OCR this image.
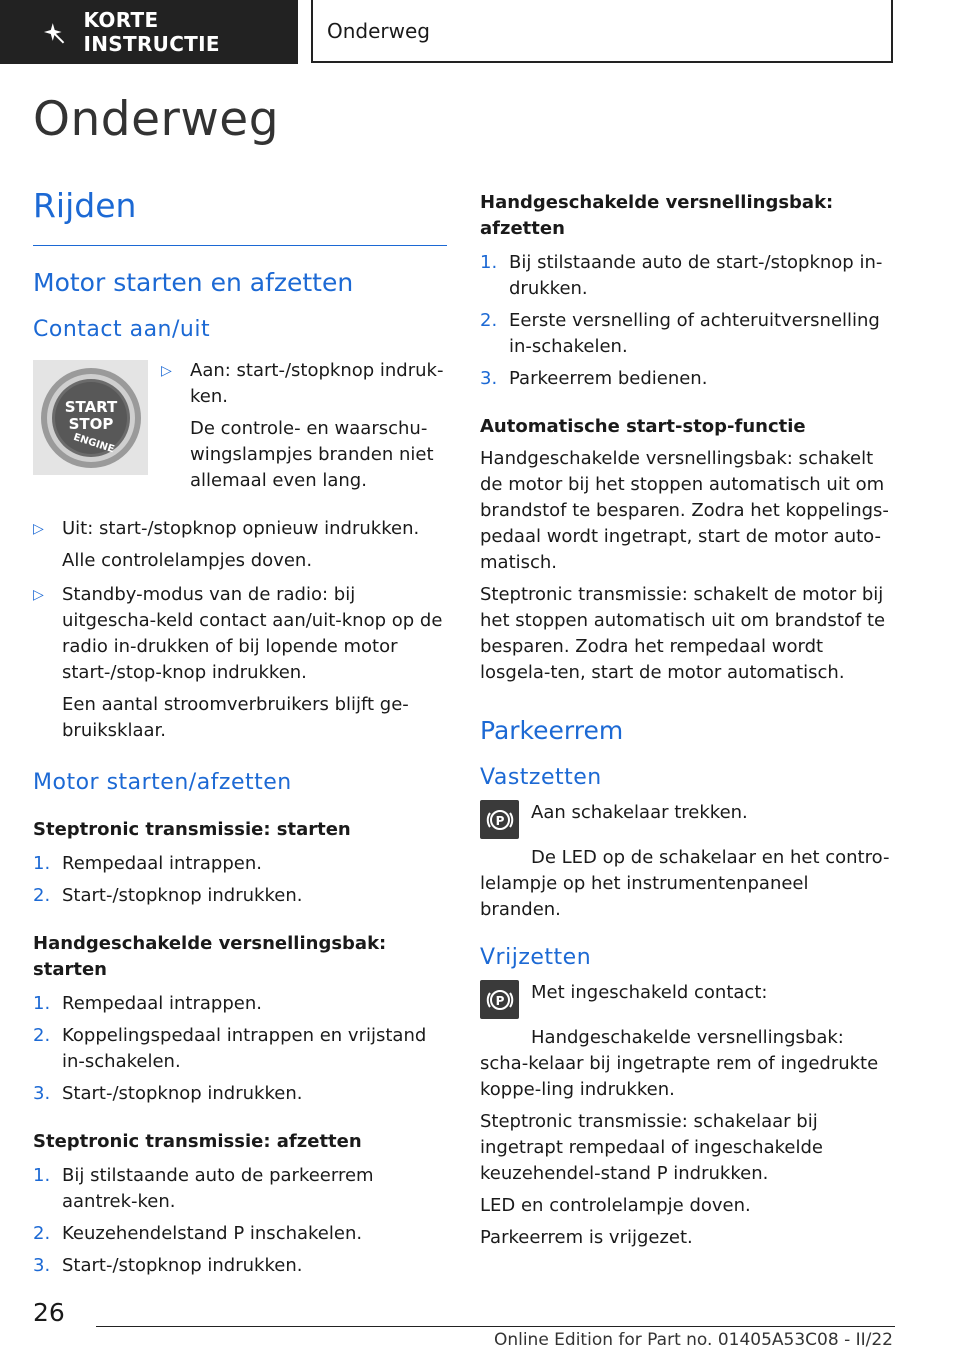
KORTE INSTRUCTIE
Onderweg
Onderweg
Rijden
Motor starten en afzetten
Contact aan/uit
START
STOP
ENGINE
▷	Aan: start-/stopknop indruk-ken.

De controle- en waarschu-wingslampjes branden niet allemaal even lang.

▷	Uit: start-/stopknop opnieuw indrukken.

Alle controlelampjes doven.

▷	Standby-modus van de radio: bij uitgescha-keld contact aan/uit-knop op de radio in-drukken of bij lopende motor start-/stop-knop indrukken.

Een aantal stroomverbruikers blijft ge-bruiksklaar.

Motor starten/afzetten

Steptronic transmissie: starten

1. Rempedaal intrappen.
2. Start-/stopknop indrukken.

Handgeschakelde versnellingsbak: starten

1. Rempedaal intrappen.
2. Koppelingspedaal intrappen en vrijstand in-schakelen.
3. Start-/stopknop indrukken.

Steptronic transmissie: afzetten

1. Bij stilstaande auto de parkeerrem aantrek-ken.
2. Keuzehendelstand P inschakelen.
3. Start-/stopknop indrukken.

Handgeschakelde versnellingsbak: afzetten

1. Bij stilstaande auto de start-/stopknop in-drukken.
2. Eerste versnelling of achteruitversnelling in-schakelen.
3. Parkeerrem bedienen.

Automatische start-stop-functie

Handgeschakelde versnellingsbak: schakelt de motor bij het stoppen automatisch uit om brandstof te besparen. Zodra het koppelings-pedaal wordt ingetrapt, start de motor auto-matisch.

Steptronic transmissie: schakelt de motor bij het stoppen automatisch uit om brandstof te besparen. Zodra het rempedaal wordt losgela-ten, start de motor automatisch.

Parkeerrem
Vastzetten
P Aan schakelaar trekken.

De LED op de schakelaar en het contro-lelampje op het instrumentenpaneel branden.

Vrijzetten
P Met ingeschakeld contact:

Handgeschakelde versnellingsbak: scha-kelaar bij ingetrapte rem of ingedrukte koppe-ling indrukken.

Steptronic transmissie: schakelaar bij ingetrapt rempedaal of ingeschakelde keuzehendel-stand P indrukken.

LED en controlelampje doven.

Parkeerrem is vrijgezet.

26
Online Edition for Part no. 01405A53C08 - II/22
